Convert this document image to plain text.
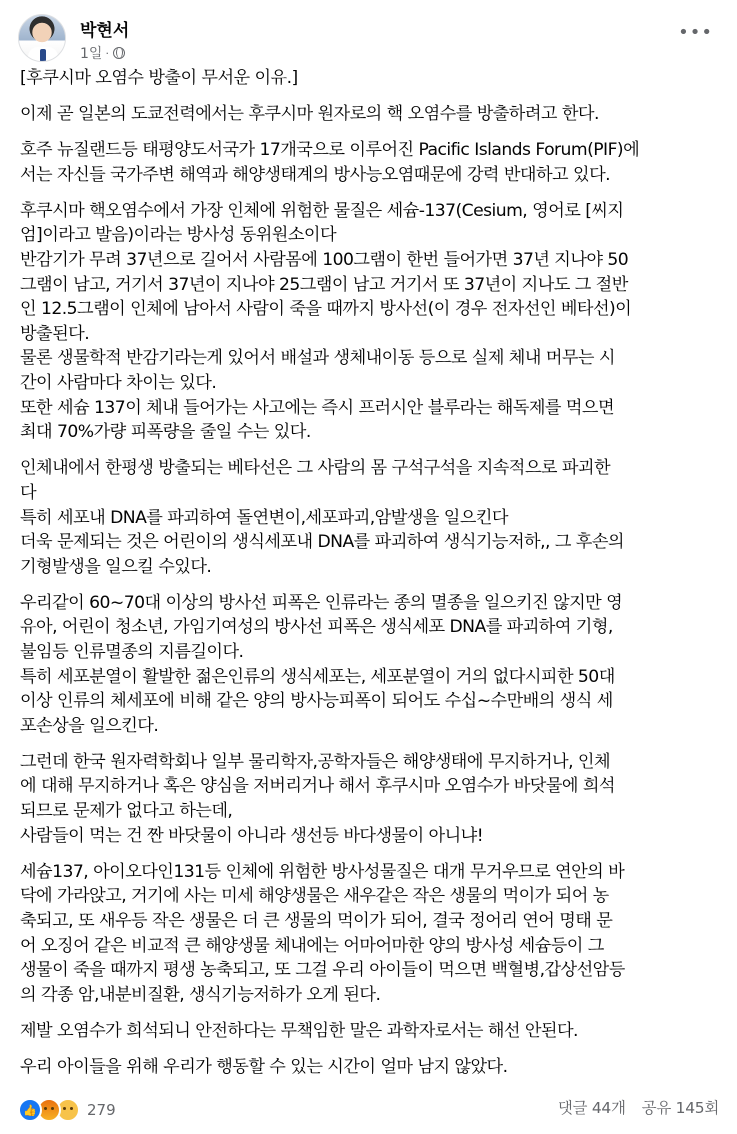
박현서
1일 ·
•••
[후쿠시마 오염수 방출이 무서운 이유.]
이제 곧 일본의 도쿄전력에서는 후쿠시마 원자로의 핵 오염수를 방출하려고 한다.
호주 뉴질랜드등 태평양도서국가 17개국으로 이루어진 Pacific Islands Forum(PIF)에
서는 자신들 국가주변 해역과 해양생태계의 방사능오염때문에 강력 반대하고 있다.
후쿠시마 핵오염수에서 가장 인체에 위험한 물질은 세슘-137(Cesium, 영어로 [씨지
엄]이라고 발음)이라는 방사성 동위원소이다
반감기가 무려 37년으로 길어서 사람몸에 100그램이 한번 들어가면 37년 지나야 50
그램이 남고, 거기서 37년이 지나야 25그램이 남고 거기서 또 37년이 지나도 그 절반
인 12.5그램이 인체에 남아서 사람이 죽을 때까지 방사선(이 경우 전자선인 베타선)이
방출된다.
물론 생물학적 반감기라는게 있어서 배설과 생체내이동 등으로 실제 체내 머무는 시
간이 사람마다 차이는 있다.
또한 세슘 137이 체내 들어가는 사고에는 즉시 프러시안 블루라는 해독제를 먹으면
최대 70%가량 피폭량을 줄일 수는 있다.
인체내에서 한평생 방출되는 베타선은 그 사람의 몸 구석구석을 지속적으로 파괴한
다
특히 세포내 DNA를 파괴하여 돌연변이,세포파괴,암발생을 일으킨다
더욱 문제되는 것은 어린이의 생식세포내 DNA를 파괴하여 생식기능저하,, 그 후손의
기형발생을 일으킬 수있다.
우리같이 60~70대 이상의 방사선 피폭은 인류라는 종의 멸종을 일으키진 않지만 영
유아, 어린이 청소년, 가임기여성의 방사선 피폭은 생식세포 DNA를 파괴하여 기형,
불임등 인류멸종의 지름길이다.
특히 세포분열이 활발한 젊은인류의 생식세포는, 세포분열이 거의 없다시피한 50대
이상 인류의 체세포에 비해 같은 양의 방사능피폭이 되어도 수십~수만배의 생식 세
포손상을 일으킨다.
그런데 한국 원자력학회나 일부 물리학자,공학자들은 해양생태에 무지하거나, 인체
에 대해 무지하거나 혹은 양심을 저버리거나 해서 후쿠시마 오염수가 바닷물에 희석
되므로 문제가 없다고 하는데,
사람들이 먹는 건 짠 바닷물이 아니라 생선등 바다생물이 아니냐!
세슘137, 아이오다인131등 인체에 위험한 방사성물질은 대개 무거우므로 연안의 바
닥에 가라앉고, 거기에 사는 미세 해양생물은 새우같은 작은 생물의 먹이가 되어 농
축되고, 또 새우등 작은 생물은 더 큰 생물의 먹이가 되어, 결국 정어리 연어 명태 문
어 오징어 같은 비교적 큰 해양생물 체내에는 어마어마한 양의 방사성 세슘등이 그
생물이 죽을 때까지 평생 농축되고, 또 그걸 우리 아이들이 먹으면 백혈병,갑상선암등
의 각종 암,내분비질환, 생식기능저하가 오게 된다.
제발 오염수가 희석되니 안전하다는 무책임한 말은 과학자로서는 해선 안된다.
우리 아이들을 위해 우리가 행동할 수 있는 시간이 얼마 남지 않았다.
👍	279	댓글 44개 공유 145회
